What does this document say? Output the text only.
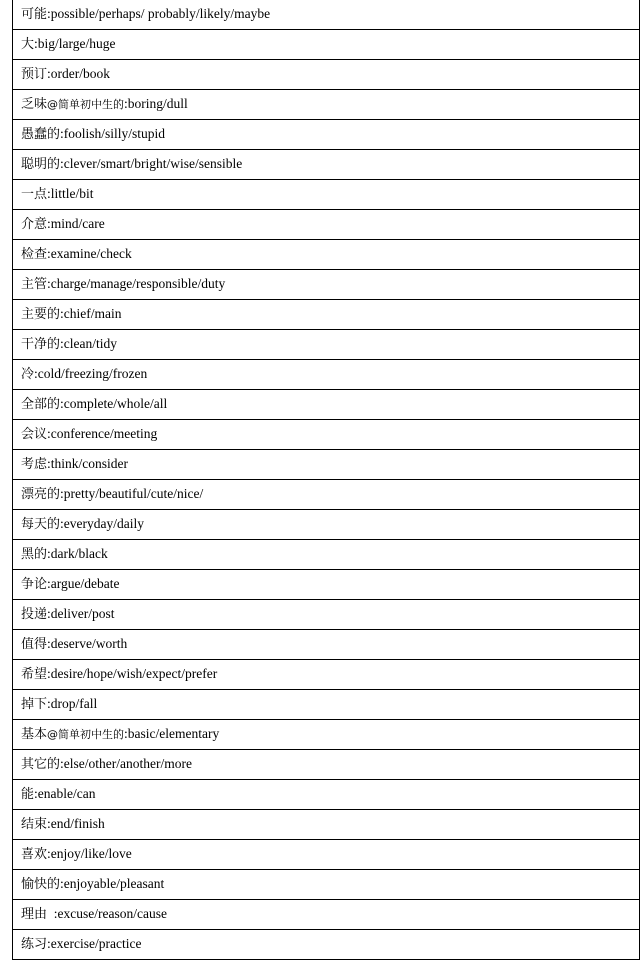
可能:possible/perhaps/ probably/likely/maybe
大:big/large/huge
预订:order/book
乏味@简单初中生的:boring/dull
愚蠢的:foolish/silly/stupid
聪明的:clever/smart/bright/wise/sensible
一点:little/bit
介意:mind/care
检查:examine/check
主管:charge/manage/responsible/duty
主要的:chief/main
干净的:clean/tidy
冷:cold/freezing/frozen
全部的:complete/whole/all
会议:conference/meeting
考虑:think/consider
漂亮的:pretty/beautiful/cute/nice/
每天的:everyday/daily
黑的:dark/black
争论:argue/debate
投递:deliver/post
值得:deserve/worth
希望:desire/hope/wish/expect/prefer
掉下:drop/fall
基本@简单初中生的:basic/elementary
其它的:else/other/another/more
能:enable/can
结束:end/finish
喜欢:enjoy/like/love
愉快的:enjoyable/pleasant
理由  :excuse/reason/cause
练习:exercise/practice
